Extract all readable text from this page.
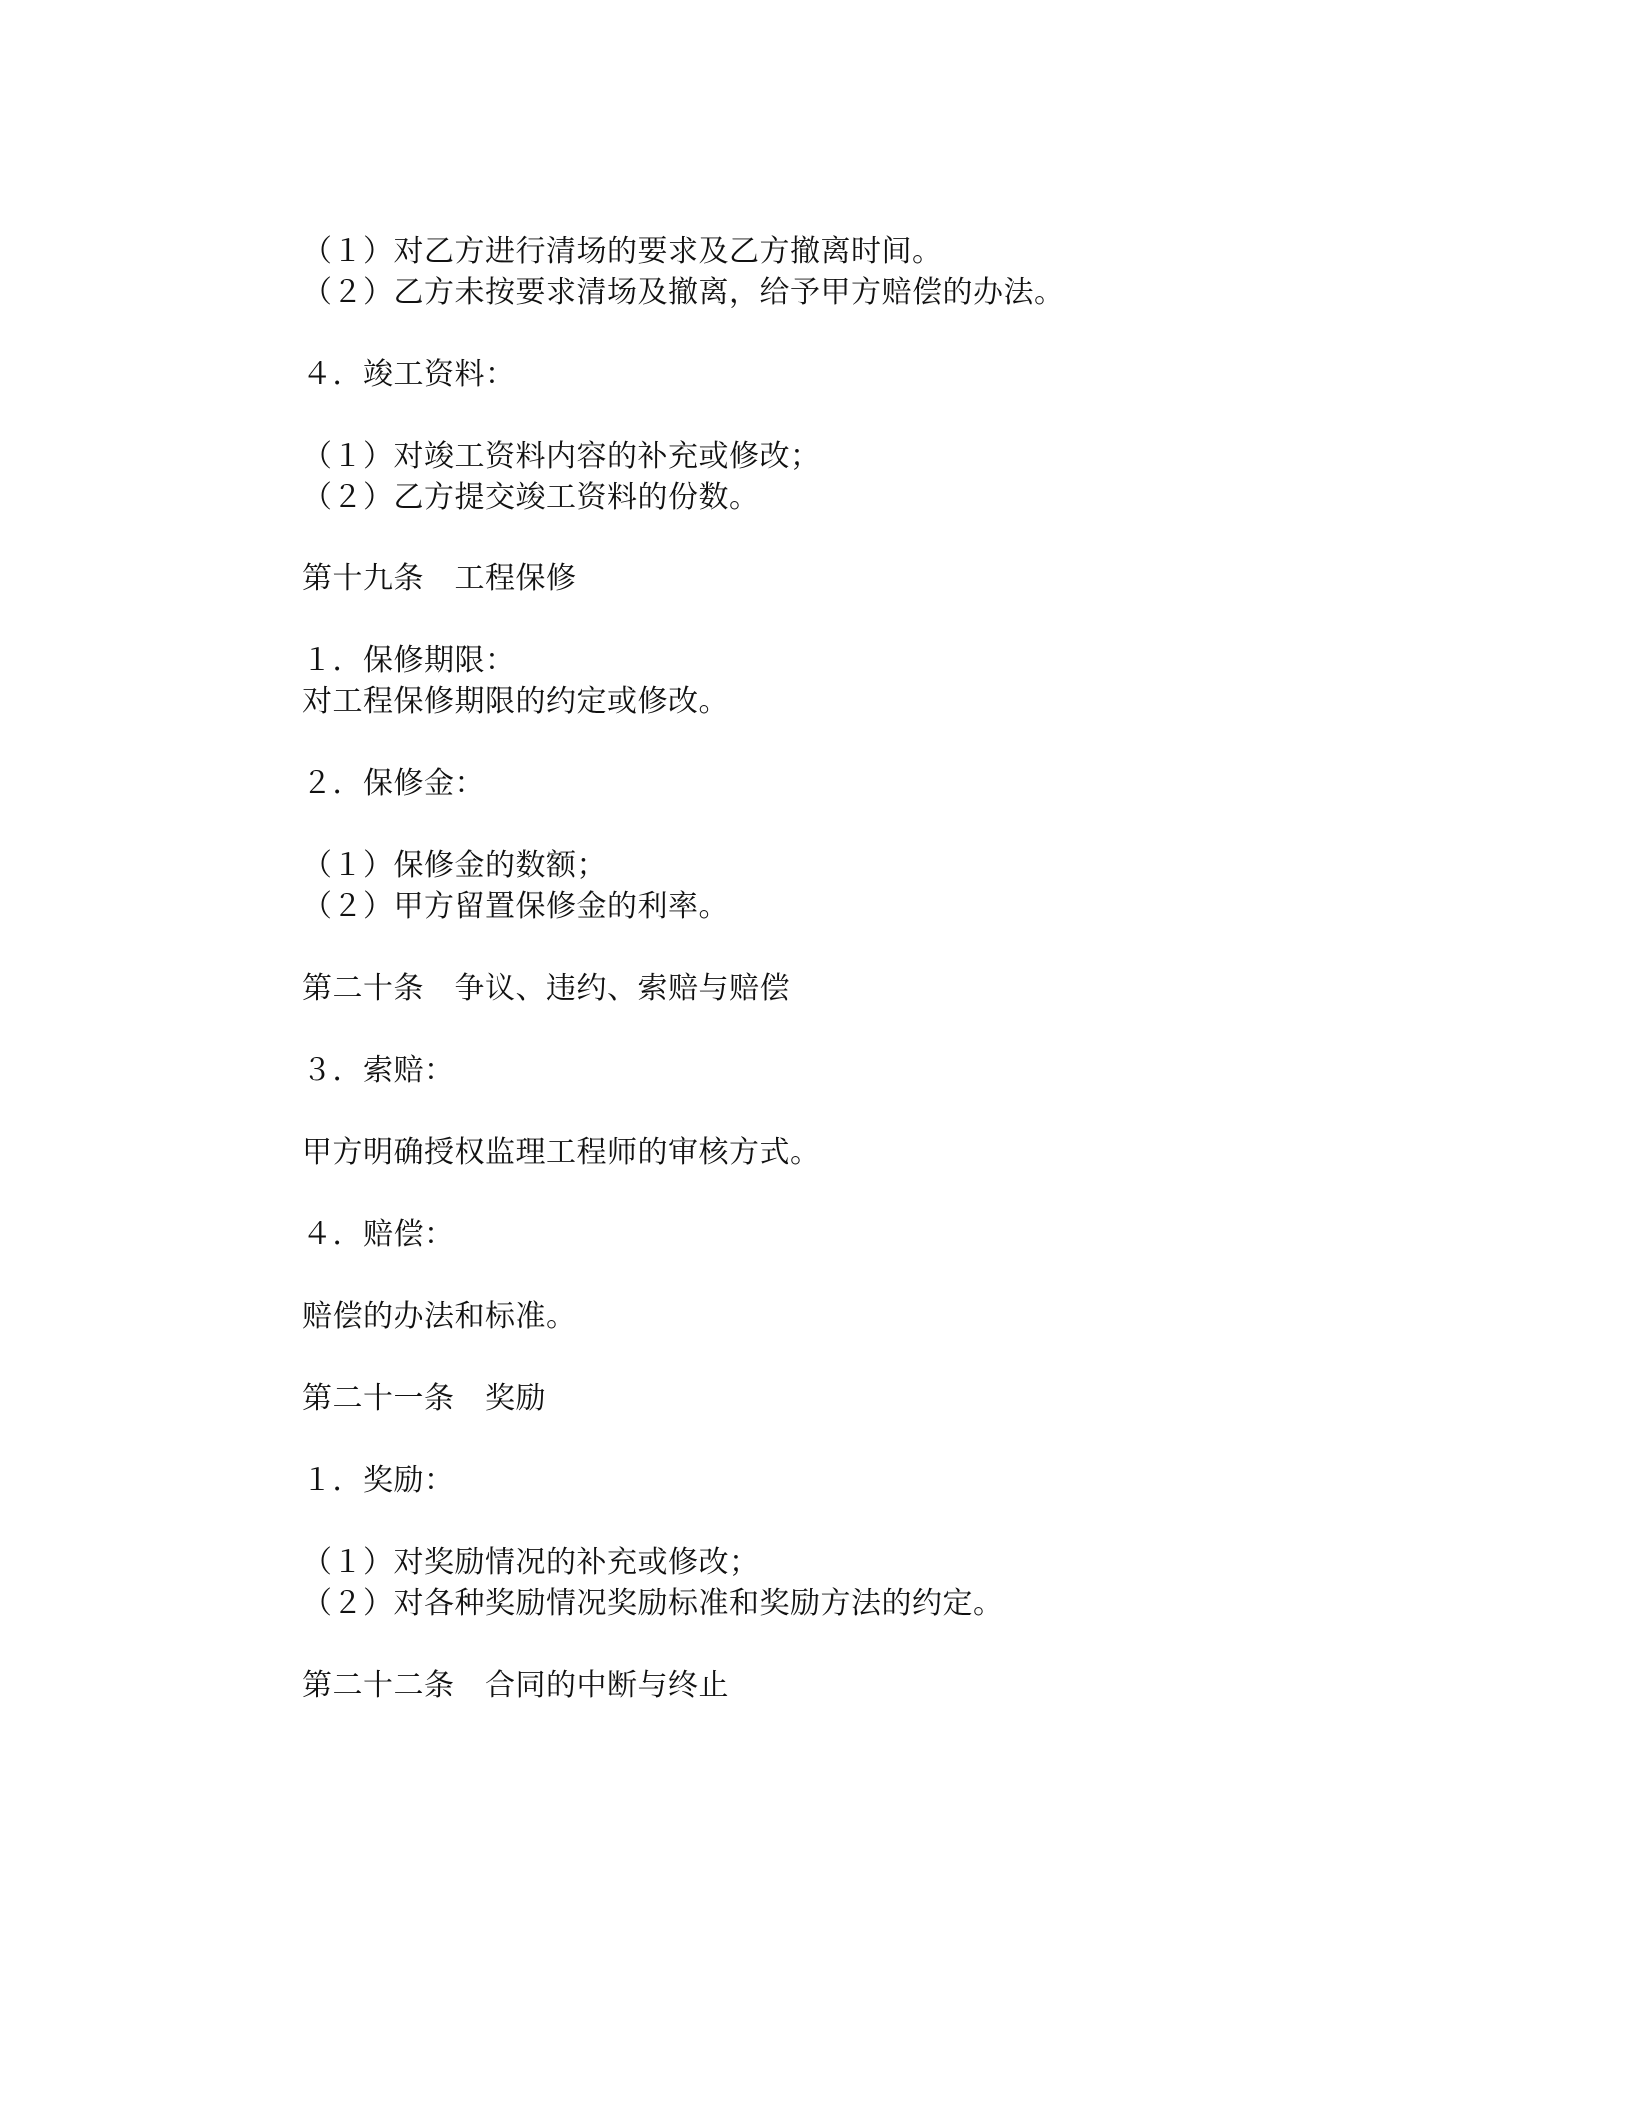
（１）对乙方进行清场的要求及乙方撤离时间。

（２）乙方未按要求清场及撤离，给予甲方赔偿的办法。

４．竣工资料：

（１）对竣工资料内容的补充或修改；

（２）乙方提交竣工资料的份数。

第十九条　工程保修

１．保修期限：

对工程保修期限的约定或修改。

２．保修金：

（１）保修金的数额；

（２）甲方留置保修金的利率。

第二十条　争议、违约、索赔与赔偿

３．索赔：

甲方明确授权监理工程师的审核方式。

４．赔偿：

赔偿的办法和标准。

第二十一条　奖励

１．奖励：

（１）对奖励情况的补充或修改；

（２）对各种奖励情况奖励标准和奖励方法的约定。

第二十二条　合同的中断与终止
